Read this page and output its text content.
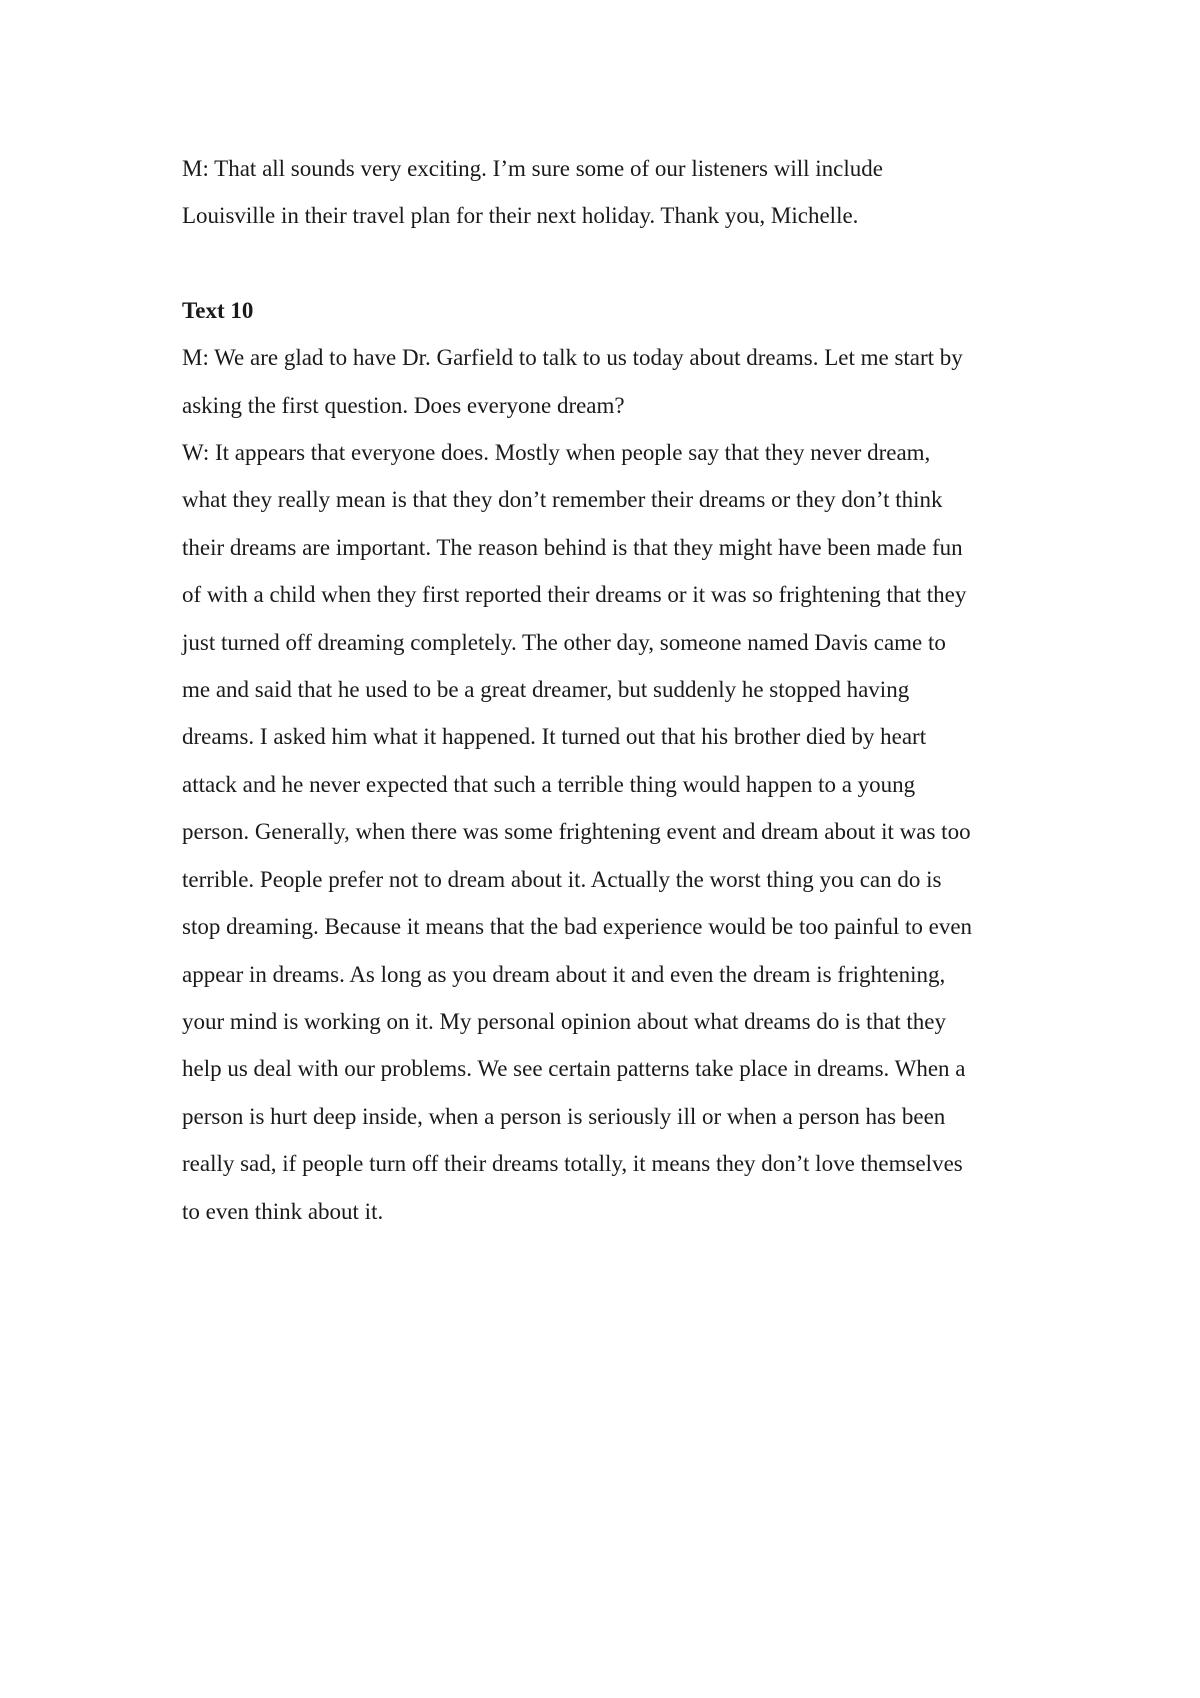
M: That all sounds very exciting. I’m sure some of our listeners will include
Louisville in their travel plan for their next holiday. Thank you, Michelle.

Text 10

M: We are glad to have Dr. Garfield to talk to us today about dreams. Let me start by
asking the first question. Does everyone dream?

W: It appears that everyone does. Mostly when people say that they never dream,
what they really mean is that they don’t remember their dreams or they don’t think
their dreams are important. The reason behind is that they might have been made fun
of with a child when they first reported their dreams or it was so frightening that they
just turned off dreaming completely. The other day, someone named Davis came to
me and said that he used to be a great dreamer, but suddenly he stopped having
dreams. I asked him what it happened. It turned out that his brother died by heart
attack and he never expected that such a terrible thing would happen to a young
person. Generally, when there was some frightening event and dream about it was too
terrible. People prefer not to dream about it. Actually the worst thing you can do is
stop dreaming. Because it means that the bad experience would be too painful to even
appear in dreams. As long as you dream about it and even the dream is frightening,
your mind is working on it. My personal opinion about what dreams do is that they
help us deal with our problems. We see certain patterns take place in dreams. When a
person is hurt deep inside, when a person is seriously ill or when a person has been
really sad, if people turn off their dreams totally, it means they don’t love themselves
to even think about it.
